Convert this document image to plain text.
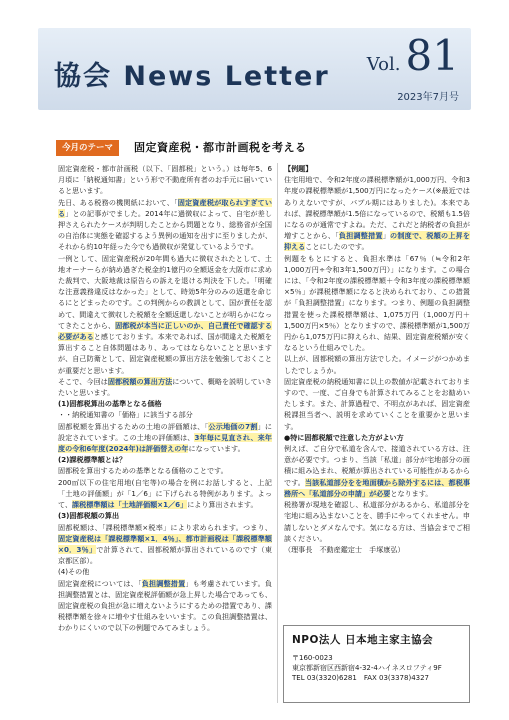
協会 News Letter Vol. 81
2023年7月号
今月のテーマ	固定資産税・都市計画税を考える

固定資産税・都市計画税（以下、「固都税」という。）は毎年5、6月頃に「納税通知書」という形で不動産所有者のお手元に届いていると思います。

先日、ある税務の機関紙において、「固定資産税が取られすぎている」との記事がでました。2014年に過徴収によって、自宅が差し押さえられたケースが判明したことから問題となり、総務省が全国の自治体に実態を確認するよう異例の通知を出すに至りましたが、それから約10年経った今でも過徴収が発覚しているようです。

一例として、固定資産税が20年間も過大に徴収されたとして、土地オーナーらが納め過ぎた税金約1億円の全額返金を大阪市に求めた裁判で、大阪地裁は原告らの訴えを退ける判決を下した。「明確な注意義務違反はなかった」として、時効5年分のみの返還を命じるにとどまったのです。この判例からの教訓として、国が責任を認めて、間違えて徴収した税額を全額返還しないことが明らかになってきたことから、固都税が本当に正しいのか、自己責任で確認する必要があると感じております。本来であれば、国が間違えた税額を算出すること自体問題はあり、あってはならないことと思いますが、自己防衛として、固定資産税額の算出方法を勉強しておくことが重要だと思います。

そこで、今回は固都税額の算出方法について、概略を説明していきたいと思います。

(1)固都税算出の基準となる価格

・・納税通知書の「価格」に該当する部分

固都税額を算出するための土地の評価額は、「公示地価の7割」に設定されています。この土地の評価額は、3年毎に見直され、来年度の令和6年度(2024年)は評価替えの年になっています。

(2)課税標準額とは？

固都税を算出するための基準となる価格のことです。

200㎡以下の住宅用地(自宅等)の場合を例にお話しすると、上記「土地の評価額」が「1／6」に下げられる特例があります。よって、課税標準額は「土地評価額×1／6」により算出されます。

(3)固都税額の算出

固都税額は、「課税標準額×税率」により求められます。つまり、固定資産税は「課税標準額×1．4％」、都市計画税は「課税標準額×0．3％」で計算されて、固都税額が算出されているのです（東京都区部）。

(4)その他

固定資産税については、「負担調整措置」も考慮されています。負担調整措置とは、固定資産税評価額が急上昇した場合であっても、固定資産税の負担が急に増えないようにするための措置であり、課税標準額を徐々に増やす仕組みをいいます。この負担調整措置は、わかりにくいので以下の例題でみてみましょう。

【例題】

住宅用地で、令和2年度の課税標準額が1,000万円、令和3年度の課税標準額が1,500万円になったケース(※最近ではありえないですが、バブル期にはありました)。本来であれば、課税標準額が1.5倍になっているので、税額も1.5倍になるのが通常ですよね。ただ、これだと納税者の負担が増すことから、「負担調整措置」の制度で、税額の上昇を抑えることにしたのです。

例題をもとにすると、負担水準は「67％（≒令和2年1,000万円÷令和3年1,500万円）」になります。この場合には、「令和2年度の課税標準額＋令和3年度の課税標準額×5％」が課税標準額になると決められており、この措置が「負担調整措置」になります。つまり、例題の負担調整措置を使った課税標準額は、1,075万円（1,000万円＋1,500万円×5％）となりますので、課税標準額が1,500万円から1,075万円に抑えられ、結果、固定資産税額が安くなるという仕組みでした。

以上が、固都税額の算出方法でした。イメージがつかめましたでしょうか。

固定資産税の納税通知書に以上の数値が記載されておりますので、一度、ご自身でも計算されてみることをお勧めいたします。また、計算過程で、不明点があれば、固定資産税課担当者へ、説明を求めていくことを重要かと思います。

●特に固都税額で注意した方がよい方

例えば、ご自分で私道を含んで、接道されている方は、注意が必要です。つまり、当該「私道」部分が宅地部分の面積に組み込まれ、税額が算出されている可能性があるからです。当該私道部分をを地面積から除外するには、都税事務所へ「私道部分の申請」が必要となります。

税務署が現地を確認し、私道部分があるから、私道部分を宅地に組み込まないことを、勝手にやってくれません。申請しないとダメなんです。気になる方は、当協会までご相談ください。

（理事長　不動産鑑定士　手塚康弘）

NPO法人 日本地主家主協会
〒160-0023
東京都新宿区西新宿4-32-4ハイネスロフティ9F
TEL 03(3320)6281　FAX 03(3378)4327
